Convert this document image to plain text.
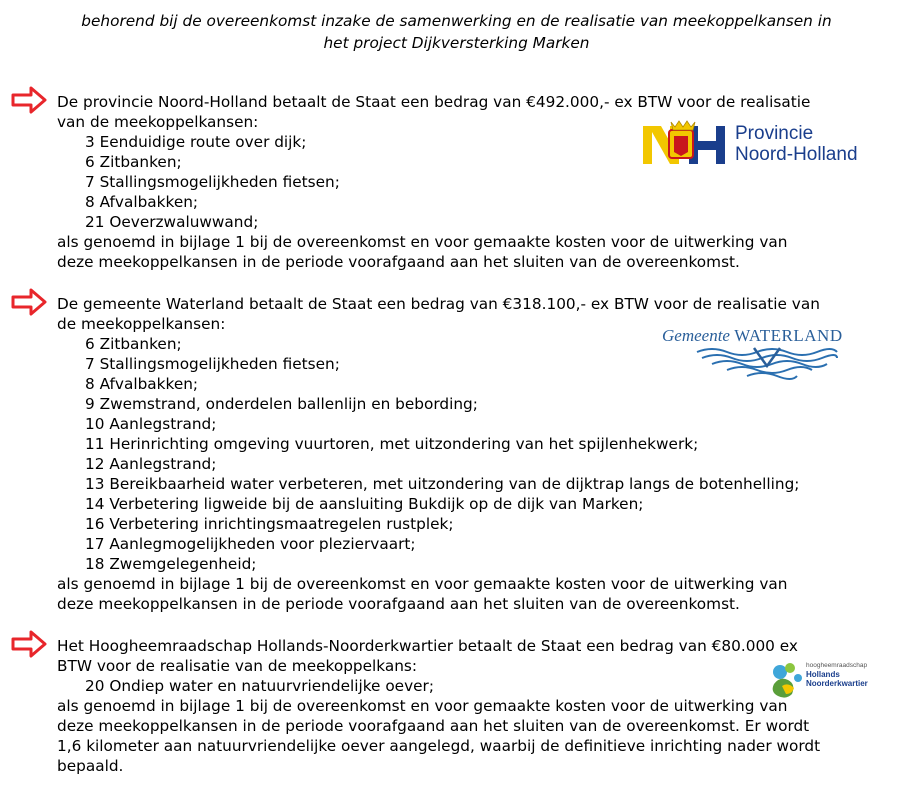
behorend bij de overeenkomst inzake de samenwerking en de realisatie van meekoppelkansen in
het project Dijkversterking Marken
De provincie Noord-Holland betaalt de Staat een bedrag van €492.000,- ex BTW voor de realisatie
van de meekoppelkansen:
3 Eenduidige route over dijk;
6 Zitbanken;
7 Stallingsmogelijkheden fietsen;
8 Afvalbakken;
21 Oeverzwaluwwand;
als genoemd in bijlage 1 bij de overeenkomst en voor gemaakte kosten voor de uitwerking van
deze meekoppelkansen in de periode voorafgaand aan het sluiten van de overeenkomst.
Provincie
Noord-Holland
De gemeente Waterland betaalt de Staat een bedrag van €318.100,- ex BTW voor de realisatie van
de meekoppelkansen:
6 Zitbanken;
7 Stallingsmogelijkheden fietsen;
8 Afvalbakken;
9 Zwemstrand, onderdelen ballenlijn en bebording;
10 Aanlegstrand;
11 Herinrichting omgeving vuurtoren, met uitzondering van het spijlenhekwerk;
12 Aanlegstrand;
13 Bereikbaarheid water verbeteren, met uitzondering van de dijktrap langs de botenhelling;
14 Verbetering ligweide bij de aansluiting Bukdijk op de dijk van Marken;
16 Verbetering inrichtingsmaatregelen rustplek;
17 Aanlegmogelijkheden voor pleziervaart;
18 Zwemgelegenheid;
als genoemd in bijlage 1 bij de overeenkomst en voor gemaakte kosten voor de uitwerking van
deze meekoppelkansen in de periode voorafgaand aan het sluiten van de overeenkomst.
Gemeente WATERLAND
Het Hoogheemraadschap Hollands-Noorderkwartier betaalt de Staat een bedrag van €80.000 ex
BTW voor de realisatie van de meekoppelkans:
20 Ondiep water en natuurvriendelijke oever;
als genoemd in bijlage 1 bij de overeenkomst en voor gemaakte kosten voor de uitwerking van
deze meekoppelkansen in de periode voorafgaand aan het sluiten van de overeenkomst. Er wordt
1,6 kilometer aan natuurvriendelijke oever aangelegd, waarbij de definitieve inrichting nader wordt
bepaald.
hoogheemraadschap
Hollands
Noorderkwartier
